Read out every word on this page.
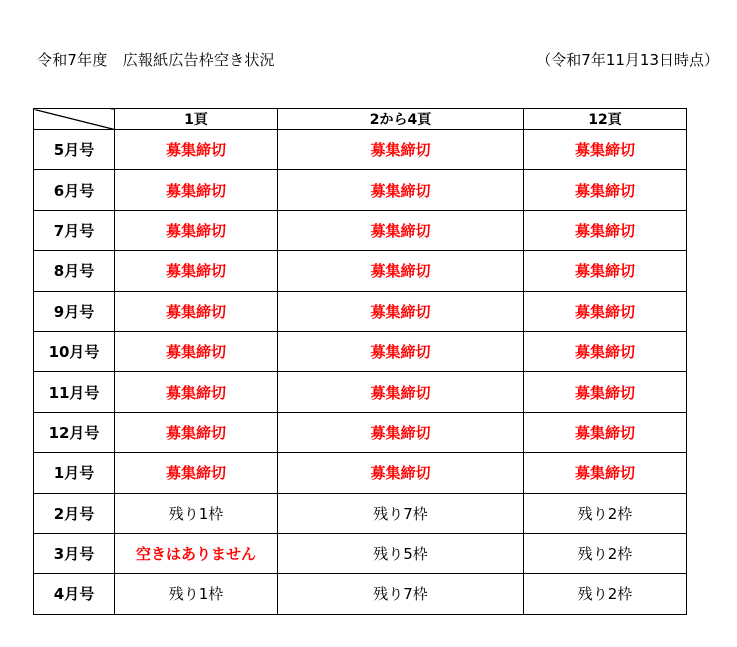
令和7年度　広報紙広告枠空き状況	（令和7年11月13日時点）
	1頁	2から4頁	12頁
5月号	募集締切	募集締切	募集締切
6月号	募集締切	募集締切	募集締切
7月号	募集締切	募集締切	募集締切
8月号	募集締切	募集締切	募集締切
9月号	募集締切	募集締切	募集締切
10月号	募集締切	募集締切	募集締切
11月号	募集締切	募集締切	募集締切
12月号	募集締切	募集締切	募集締切
1月号	募集締切	募集締切	募集締切
2月号	残り1枠	残り7枠	残り2枠
3月号	空きはありません	残り5枠	残り2枠
4月号	残り1枠	残り7枠	残り2枠
